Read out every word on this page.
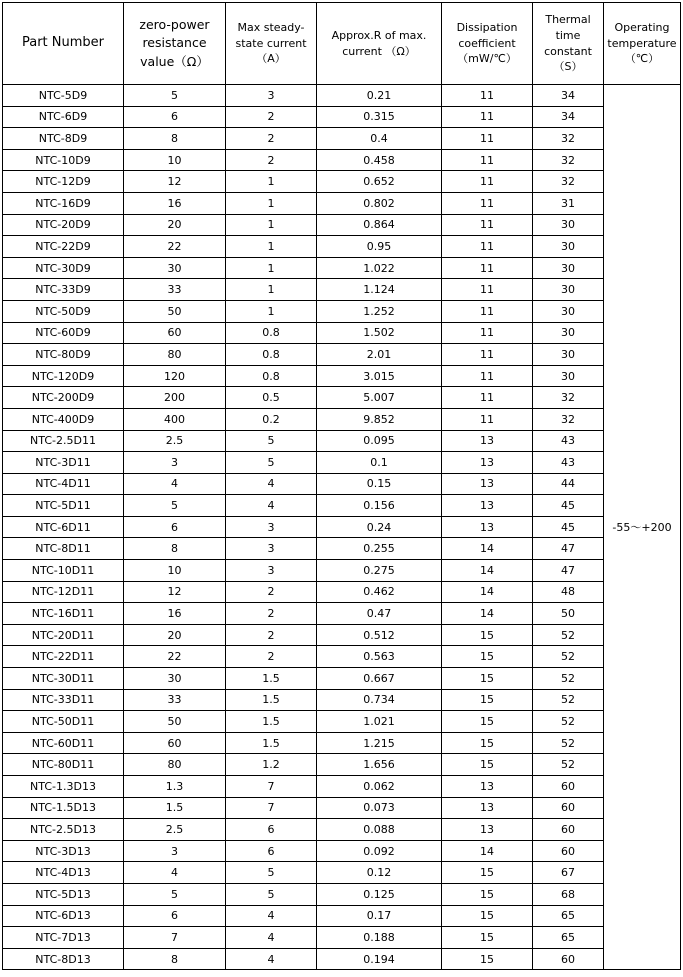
Part Number	zero-power resistance value（Ω）	Max steady-state current（A）	Approx.R of max. current （Ω）	Dissipation coefficient （mW/℃）	Thermal time constant （S）	Operating temperature（℃）
NTC-5D9	5	3	0.21	11	34	-55～+200
NTC-6D9	6	2	0.315	11	34	
NTC-8D9	8	2	0.4	11	32	
NTC-10D9	10	2	0.458	11	32	
NTC-12D9	12	1	0.652	11	32	
NTC-16D9	16	1	0.802	11	31	
NTC-20D9	20	1	0.864	11	30	
NTC-22D9	22	1	0.95	11	30	
NTC-30D9	30	1	1.022	11	30	
NTC-33D9	33	1	1.124	11	30	
NTC-50D9	50	1	1.252	11	30	
NTC-60D9	60	0.8	1.502	11	30	
NTC-80D9	80	0.8	2.01	11	30	
NTC-120D9	120	0.8	3.015	11	30	
NTC-200D9	200	0.5	5.007	11	32	
NTC-400D9	400	0.2	9.852	11	32	
NTC-2.5D11	2.5	5	0.095	13	43	
NTC-3D11	3	5	0.1	13	43	
NTC-4D11	4	4	0.15	13	44	
NTC-5D11	5	4	0.156	13	45	
NTC-6D11	6	3	0.24	13	45	
NTC-8D11	8	3	0.255	14	47	
NTC-10D11	10	3	0.275	14	47	
NTC-12D11	12	2	0.462	14	48	
NTC-16D11	16	2	0.47	14	50	
NTC-20D11	20	2	0.512	15	52	
NTC-22D11	22	2	0.563	15	52	
NTC-30D11	30	1.5	0.667	15	52	
NTC-33D11	33	1.5	0.734	15	52	
NTC-50D11	50	1.5	1.021	15	52	
NTC-60D11	60	1.5	1.215	15	52	
NTC-80D11	80	1.2	1.656	15	52	
NTC-1.3D13	1.3	7	0.062	13	60	
NTC-1.5D13	1.5	7	0.073	13	60	
NTC-2.5D13	2.5	6	0.088	13	60	
NTC-3D13	3	6	0.092	14	60	
NTC-4D13	4	5	0.12	15	67	
NTC-5D13	5	5	0.125	15	68	
NTC-6D13	6	4	0.17	15	65	
NTC-7D13	7	4	0.188	15	65	
NTC-8D13	8	4	0.194	15	60	
